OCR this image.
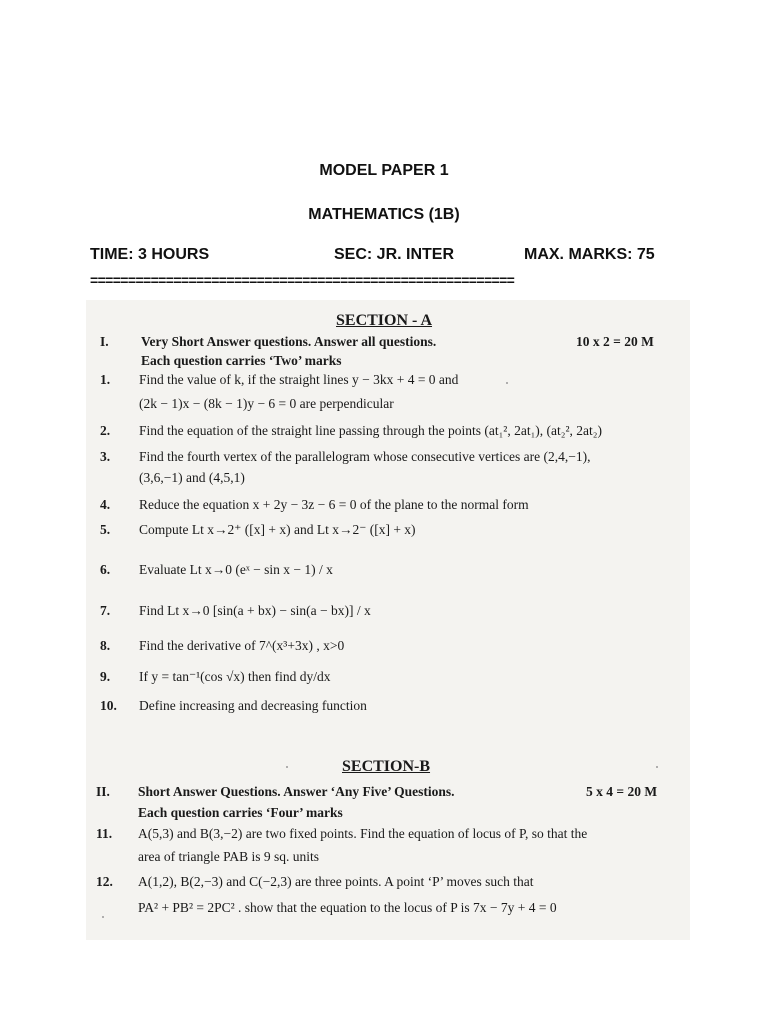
MODEL PAPER 1
MATHEMATICS (1B)
TIME: 3 HOURS	SEC: JR. INTER	MAX. MARKS: 75
========================================================
SECTION - A
I. Very Short Answer questions. Answer all questions.	10 x 2 = 20 M
Each question carries ‘Two’ marks
1. Find the value of k, if the straight lines y − 3kx + 4 = 0 and
(2k − 1)x − (8k − 1)y − 6 = 0 are perpendicular
2. Find the equation of the straight line passing through the points (at₁², 2at₁), (at₂², 2at₂)
3. Find the fourth vertex of the parallelogram whose consecutive vertices are (2,4,−1),
(3,6,−1) and (4,5,1)
4. Reduce the equation x + 2y − 3z − 6 = 0 of the plane to the normal form
5. Compute Lt x→2⁺ ([x] + x) and Lt x→2⁻ ([x] + x)
6. Evaluate Lt x→0 (eˣ − sin x − 1) / x
7. Find Lt x→0 [sin(a + bx) − sin(a − bx)] / x
8. Find the derivative of 7^(x³+3x) , x>0
9. If y = tan⁻¹(cos √x) then find dy/dx
10. Define increasing and decreasing function
SECTION-B
II. Short Answer Questions. Answer ‘Any Five’ Questions.	5 x 4 = 20 M
Each question carries ‘Four’ marks
11. A(5,3) and B(3,−2) are two fixed points. Find the equation of locus of P, so that the
area of triangle PAB is 9 sq. units
12. A(1,2), B(2,−3) and C(−2,3) are three points. A point ‘P’ moves such that
PA² + PB² = 2PC² . show that the equation to the locus of P is 7x − 7y + 4 = 0
